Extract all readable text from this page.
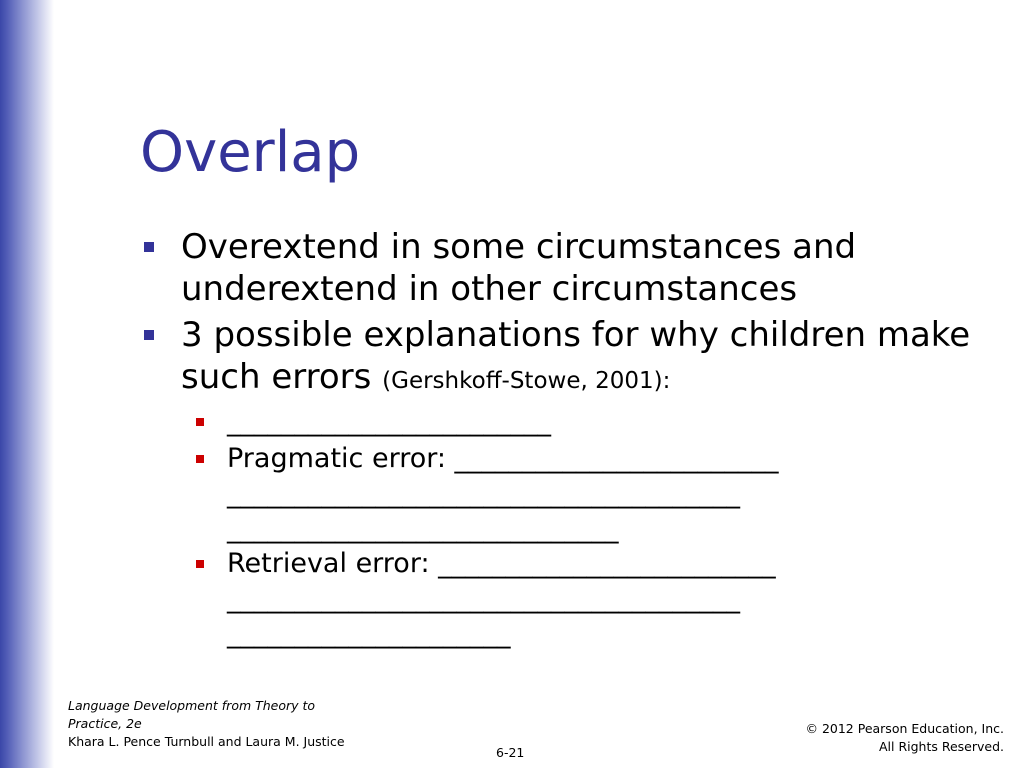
Overlap
Overextend in some circumstances and underextend in other circumstances
3 possible explanations for why children make such errors (Gershkoff-Stowe, 2001):
________________________
Pragmatic error: ________________________ ______________________________________ _____________________________
Retrieval error: _________________________ ______________________________________ _____________________
Language Development from Theory to Practice, 2e
Khara L. Pence Turnbull and Laura M. Justice
© 2012 Pearson Education, Inc.
All Rights Reserved.
6-21
